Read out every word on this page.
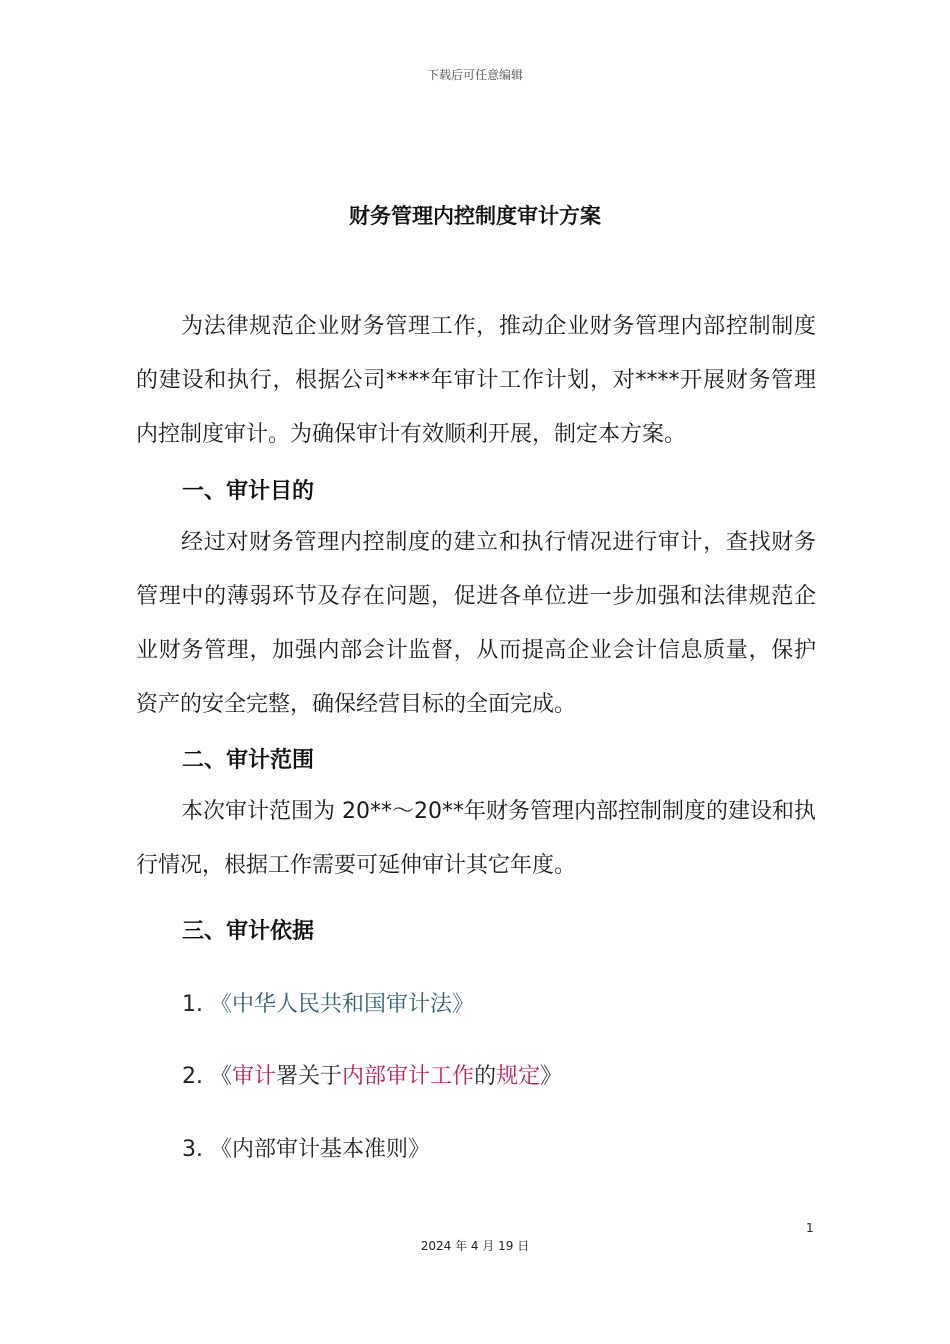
下载后可任意编辑
财务管理内控制度审计方案

为法律规范企业财务管理工作，推动企业财务管理内部控制制度的建设和执行，根据公司****年审计工作计划，对****开展财务管理内控制度审计。为确保审计有效顺利开展，制定本方案。

一、审计目的

经过对财务管理内控制度的建立和执行情况进行审计，查找财务管理中的薄弱环节及存在问题，促进各单位进一步加强和法律规范企业财务管理，加强内部会计监督，从而提高企业会计信息质量，保护资产的安全完整，确保经营目标的全面完成。

二、审计范围

本次审计范围为 20**～20**年财务管理内部控制制度的建设和执行情况，根据工作需要可延伸审计其它年度。

三、审计依据
1. 《中华人民共和国审计法》
2. 《审计署关于内部审计工作的规定》
3. 《内部审计基本准则》
1
2024 年 4 月 19 日
